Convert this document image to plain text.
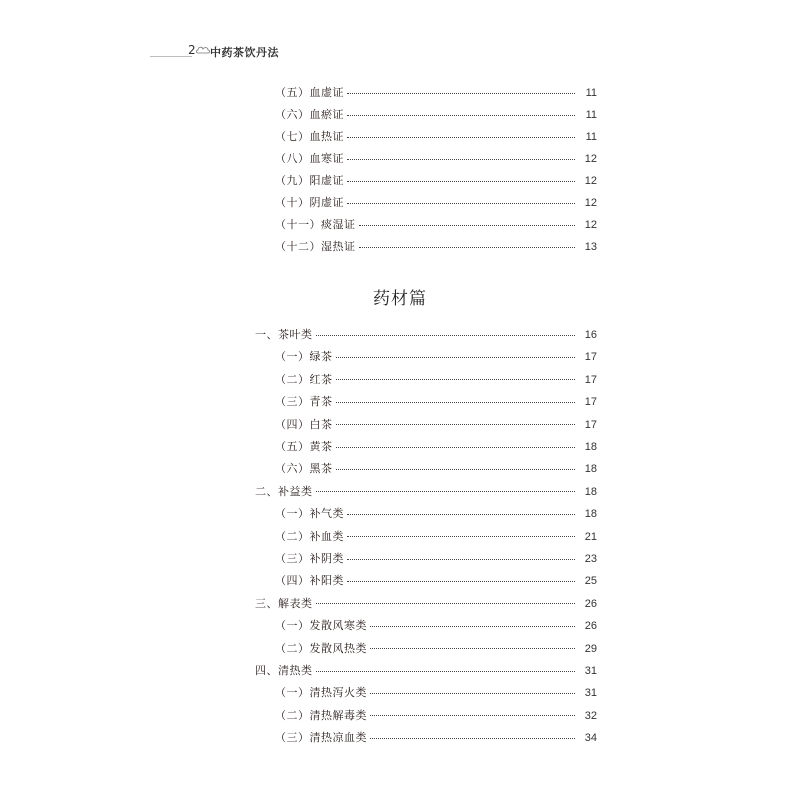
2 中药茶饮丹法
（五）血虚证	11
（六）血瘀证	11
（七）血热证	11
（八）血寒证	12
（九）阳虚证	12
（十）阴虚证	12
（十一）痰湿证	12
（十二）湿热证	13
一、茶叶类	16
（一）绿茶	17
（二）红茶	17
（三）青茶	17
（四）白茶	17
（五）黄茶	18
（六）黑茶	18
二、补益类	18
（一）补气类	18
（二）补血类	21
（三）补阴类	23
（四）补阳类	25
三、解表类	26
（一）发散风寒类	26
（二）发散风热类	29
四、清热类	31
（一）清热泻火类	31
（二）清热解毒类	32
（三）清热凉血类	34
药材篇
